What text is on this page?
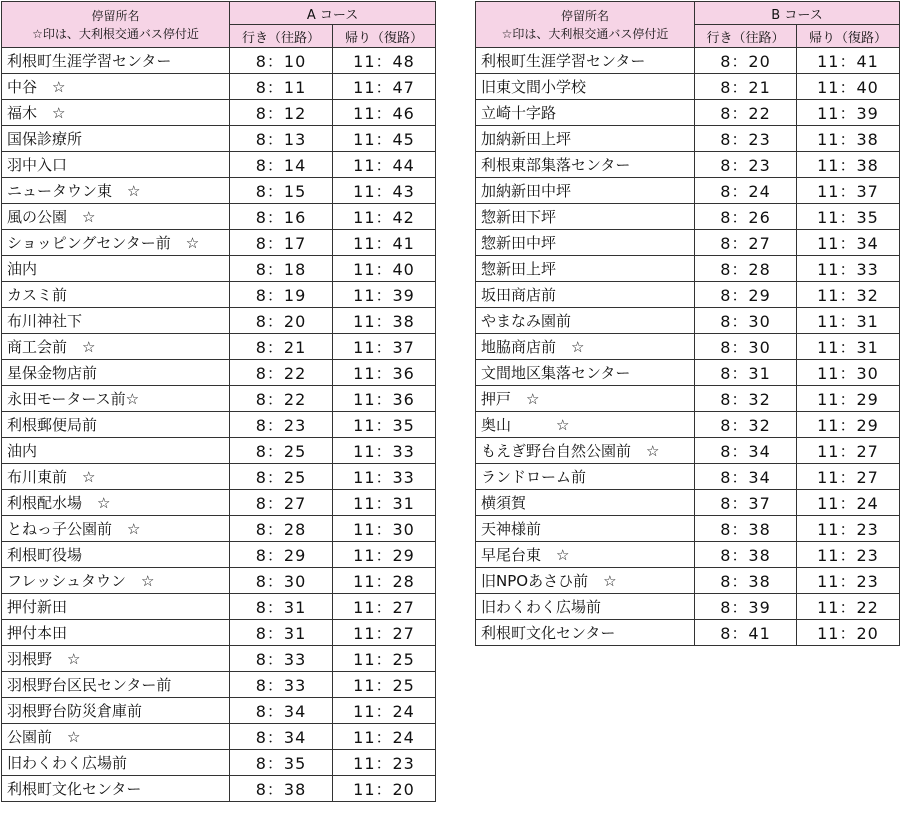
停留所名
☆印は、大利根交通バス停付近	A コース	
	行き（往路）	帰り（復路）
利根町生涯学習センター	8：10	11：48
中谷　☆	8：11	11：47
福木　☆	8：12	11：46
国保診療所	8：13	11：45
羽中入口	8：14	11：44
ニュータウン東　☆	8：15	11：43
風の公園　☆	8：16	11：42
ショッピングセンター前　☆	8：17	11：41
油内	8：18	11：40
カスミ前	8：19	11：39
布川神社下	8：20	11：38
商工会前　☆	8：21	11：37
星保金物店前	8：22	11：36
永田モータース前☆	8：22	11：36
利根郵便局前	8：23	11：35
油内	8：25	11：33
布川東前　☆	8：25	11：33
利根配水場　☆	8：27	11：31
とねっ子公園前　☆	8：28	11：30
利根町役場	8：29	11：29
フレッシュタウン　☆	8：30	11：28
押付新田	8：31	11：27
押付本田	8：31	11：27
羽根野　☆	8：33	11：25
羽根野台区民センター前	8：33	11：25
羽根野台防災倉庫前	8：34	11：24
公園前　☆	8：34	11：24
旧わくわく広場前	8：35	11：23
利根町文化センター	8：38	11：20
停留所名
☆印は、大利根交通バス停付近	B コース	
	行き（往路）	帰り（復路）
利根町生涯学習センター	8：20	11：41
旧東文間小学校	8：21	11：40
立崎十字路	8：22	11：39
加納新田上坪	8：23	11：38
利根東部集落センター	8：23	11：38
加納新田中坪	8：24	11：37
惣新田下坪	8：26	11：35
惣新田中坪	8：27	11：34
惣新田上坪	8：28	11：33
坂田商店前	8：29	11：32
やまなみ園前	8：30	11：31
地脇商店前　☆	8：30	11：31
文間地区集落センター	8：31	11：30
押戸　☆	8：32	11：29
奥山　　　☆	8：32	11：29
もえぎ野台自然公園前　☆	8：34	11：27
ランドローム前	8：34	11：27
横須賀	8：37	11：24
天神様前	8：38	11：23
早尾台東　☆	8：38	11：23
旧NPOあさひ前　☆	8：38	11：23
旧わくわく広場前	8：39	11：22
利根町文化センター	8：41	11：20
